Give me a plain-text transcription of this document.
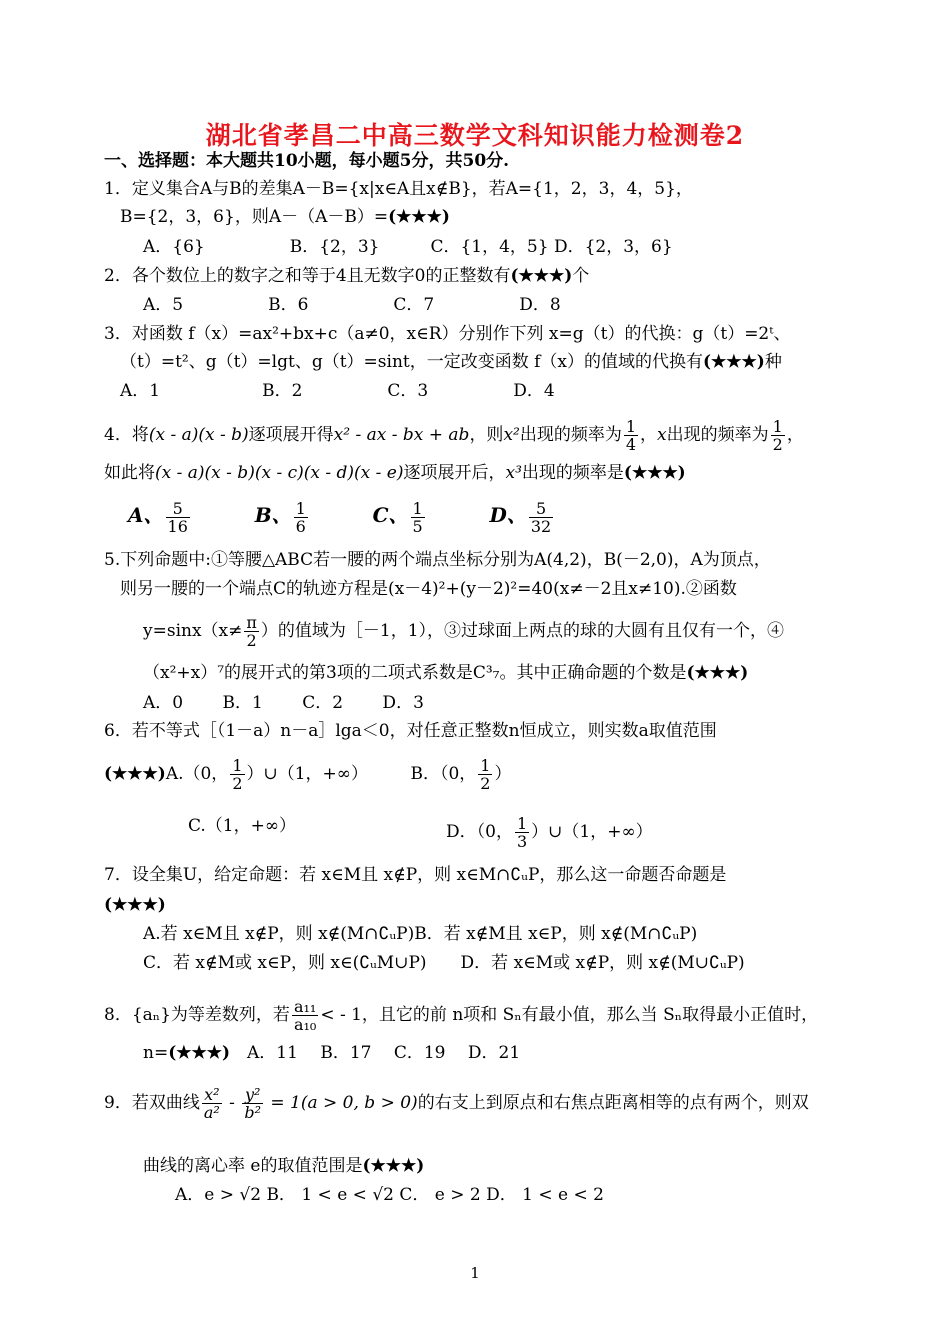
湖北省孝昌二中高三数学文科知识能力检测卷2
一、选择题：本大题共10小题，每小题5分，共50分.
1．定义集合A与B的差集A－B={x|x∈A且x∉B}，若A={1，2，3，4，5}，
B={2，3，6}，则A－（A－B）=(★★★)
A．{6}　　　　　B．{2，3}　　　C．{1，4，5} D．{2，3，6}
2．各个数位上的数字之和等于4且无数字0的正整数有(★★★)个
A．5　　　　　B．6　　　　　C．7　　　　　D．8
3．对函数 f（x）=ax²+bx+c（a≠0，x∈R）分别作下列 x=g（t）的代换：g（t）=2ᵗ、
（t）=t²、g（t）=lgt、g（t）=sint，一定改变函数 f（x）的值域的代换有(★★★)种
A．1　　　　　　B．2　　　　　C．3　　　　　D．4
4．将(x - a)(x - b)逐项展开得x² - ax - bx + ab，则x²出现的频率为 $\frac{1}{4}$ ，x出现的频率为 $\frac{1}{2}$ ，
如此将(x - a)(x - b)(x - c)(x - d)(x - e)逐项展开后，x³出现的频率是(★★★)
A、 $\frac{5}{16}$	B、 $\frac{1}{6}$	C、 $\frac{1}{5}$	D、 $\frac{5}{32}$
5.下列命题中:①等腰△ABC若一腰的两个端点坐标分别为A(4,2)，B(－2,0)，A为顶点，
则另一腰的一个端点C的轨迹方程是(x－4)²+(y－2)²=40(x≠－2且x≠10).②函数
$y=\sin x(x\ne \frac{\pi}{2}$ ）的值域为［－1，1），③过球面上两点的球的大圆有且仅有一个，④
（x²+x）⁷的展开式的第3项的二项式系数是C³₇。其中正确命题的个数是(★★★)
A．0　　 B．1　　 C．2　　 D．3
6．若不等式［（1－a）n－a］lga＜0，对任意正整数n恒成立，则实数a取值范围
(★★★)A.（0， $\frac{1}{2}$ ）∪（1，+∞）　　　B．（0， $\frac{1}{2}$ ）
C.（1，+∞）	D．（0， $\frac{1}{3}$ ）∪（1，+∞）
7．设全集U，给定命题：若 x∈M且 x∉P，则 x∈M∩∁ᵤP，那么这一命题否命题是
(★★★)
A.若 x∈M且 x∉P，则 x∉(M∩∁ᵤP)B．若 x∉M且 x∈P，则 x∉(M∩∁ᵤP)
C．若 x∉M或 x∈P，则 x∈(∁ᵤM∪P)　　 D．若 x∈M或 x∉P，则 x∉(M∪∁ᵤP)
8．{aₙ}为等差数列，若 $\frac{\text{a₁₁}}{\text{a₁₀}}$ < - 1，且它的前 n项和 Sₙ有最小值，那么当 Sₙ取得最小正值时，
n=(★★★)　 A．11　 B．17　 C．19　 D．21
9．若双曲线 $\frac{\text{x²}}{\text{a²}} - \frac{\text{y²}}{\text{b²}} = 1(a > 0$, b > 0)的右支上到原点和右焦点距离相等的点有两个，则双
曲线的离心率 e的取值范围是(★★★)
A．e > √2 B． 1 < e < √2 C． e > 2 D． 1 < e < 2
1
